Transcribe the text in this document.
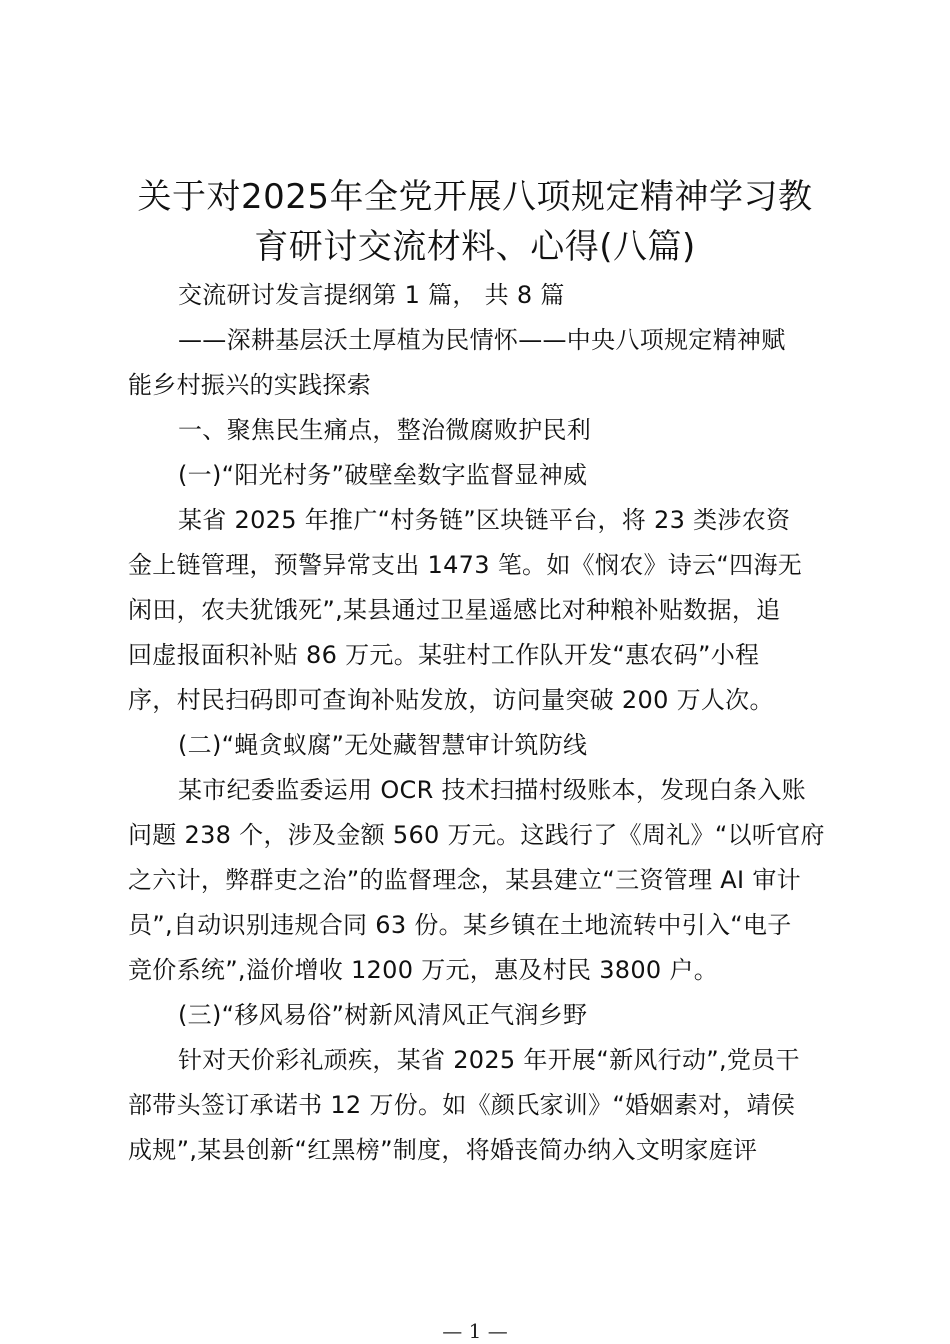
关于对2025年全党开展八项规定精神学习教
育研讨交流材料、心得(八篇)
交流研讨发言提纲第 1 篇， 共 8 篇
——深耕基层沃土厚植为民情怀——中央八项规定精神赋
能乡村振兴的实践探索
一、聚焦民生痛点，整治微腐败护民利
(一)“阳光村务”破壁垒数字监督显神威
某省 2025 年推广“村务链”区块链平台，将 23 类涉农资
金上链管理，预警异常支出 1473 笔。如《悯农》诗云“四海无
闲田，农夫犹饿死”,某县通过卫星遥感比对种粮补贴数据，追
回虚报面积补贴 86 万元。某驻村工作队开发“惠农码”小程
序，村民扫码即可查询补贴发放，访问量突破 200 万人次。
(二)“蝇贪蚁腐”无处藏智慧审计筑防线
某市纪委监委运用 OCR 技术扫描村级账本，发现白条入账
问题 238 个，涉及金额 560 万元。这践行了《周礼》“以听官府
之六计，弊群吏之治”的监督理念，某县建立“三资管理 AI 审计
员”,自动识别违规合同 63 份。某乡镇在土地流转中引入“电子
竞价系统”,溢价增收 1200 万元，惠及村民 3800 户。
(三)“移风易俗”树新风清风正气润乡野
针对天价彩礼顽疾，某省 2025 年开展“新风行动”,党员干
部带头签订承诺书 12 万份。如《颜氏家训》“婚姻素对，靖侯
成规”,某县创新“红黑榜”制度，将婚丧简办纳入文明家庭评
— 1 —
